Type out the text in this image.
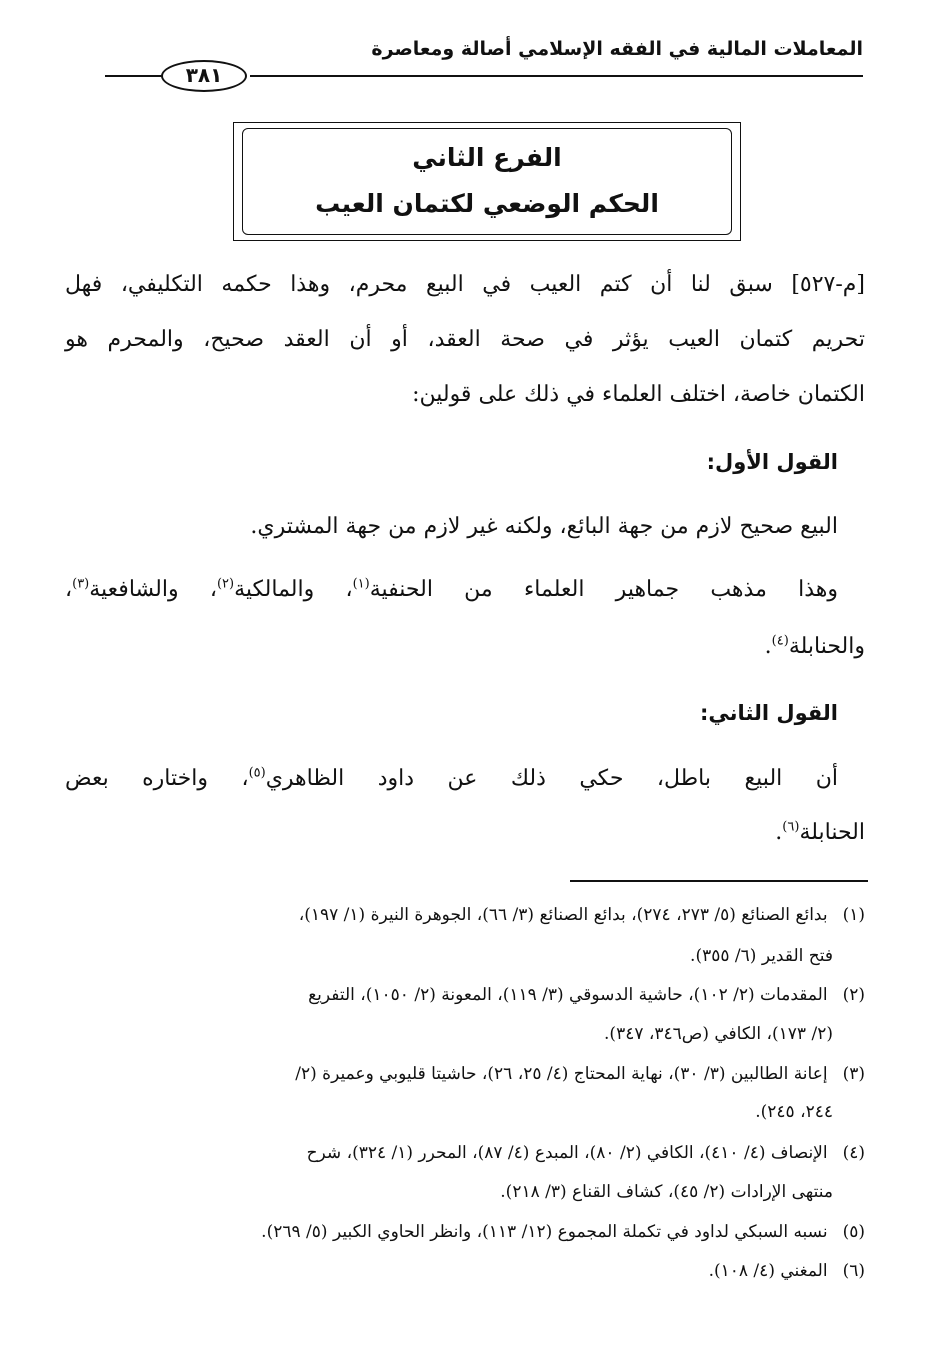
المعاملات المالية في الفقه الإسلامي أصالة ومعاصرة
٣٨١
الفرع الثاني
الحكم الوضعي لكتمان العيب
[م-٥٢٧] سبق لنا أن كتم العيب في البيع محرم، وهذا حكمه التكليفي، فهل
تحريم كتمان العيب يؤثر في صحة العقد، أو أن العقد صحيح، والمحرم هو
الكتمان خاصة، اختلف العلماء في ذلك على قولين:
القول الأول:
البيع صحيح لازم من جهة البائع، ولكنه غير لازم من جهة المشتري.
وهذا مذهب جماهير العلماء من الحنفية$^{(١)}$، والمالكية$^{(٢)}$، والشافعية$^{(٣)}$،
والحنابلة$^{(٤)}$.
القول الثاني:
أن البيع باطل، حكي ذلك عن داود الظاهري$^{(٥)}$، واختاره بعض
الحنابلة$^{(٦)}$.
(١) بدائع الصنائع (٥/ ٢٧٣، ٢٧٤)، بدائع الصنائع (٣/ ٦٦)، الجوهرة النيرة (١/ ١٩٧)،
فتح القدير (٦/ ٣٥٥).
(٢) المقدمات (٢/ ١٠٢)، حاشية الدسوقي (٣/ ١١٩)، المعونة (٢/ ١٠٥٠)، التفريع
(٢/ ١٧٣)، الكافي (ص٣٤٦، ٣٤٧).
(٣) إعانة الطالبين (٣/ ٣٠)، نهاية المحتاج (٤/ ٢٥، ٢٦)، حاشيتا قليوبي وعميرة (٢/
٢٤٤، ٢٤٥).
(٤) الإنصاف (٤/ ٤١٠)، الكافي (٢/ ٨٠)، المبدع (٤/ ٨٧)، المحرر (١/ ٣٢٤)، شرح
منتهى الإرادات (٢/ ٤٥)، كشاف القناع (٣/ ٢١٨).
(٥) نسبه السبكي لداود في تكملة المجموع (١٢/ ١١٣)، وانظر الحاوي الكبير (٥/ ٢٦٩).
(٦) المغني (٤/ ١٠٨).
